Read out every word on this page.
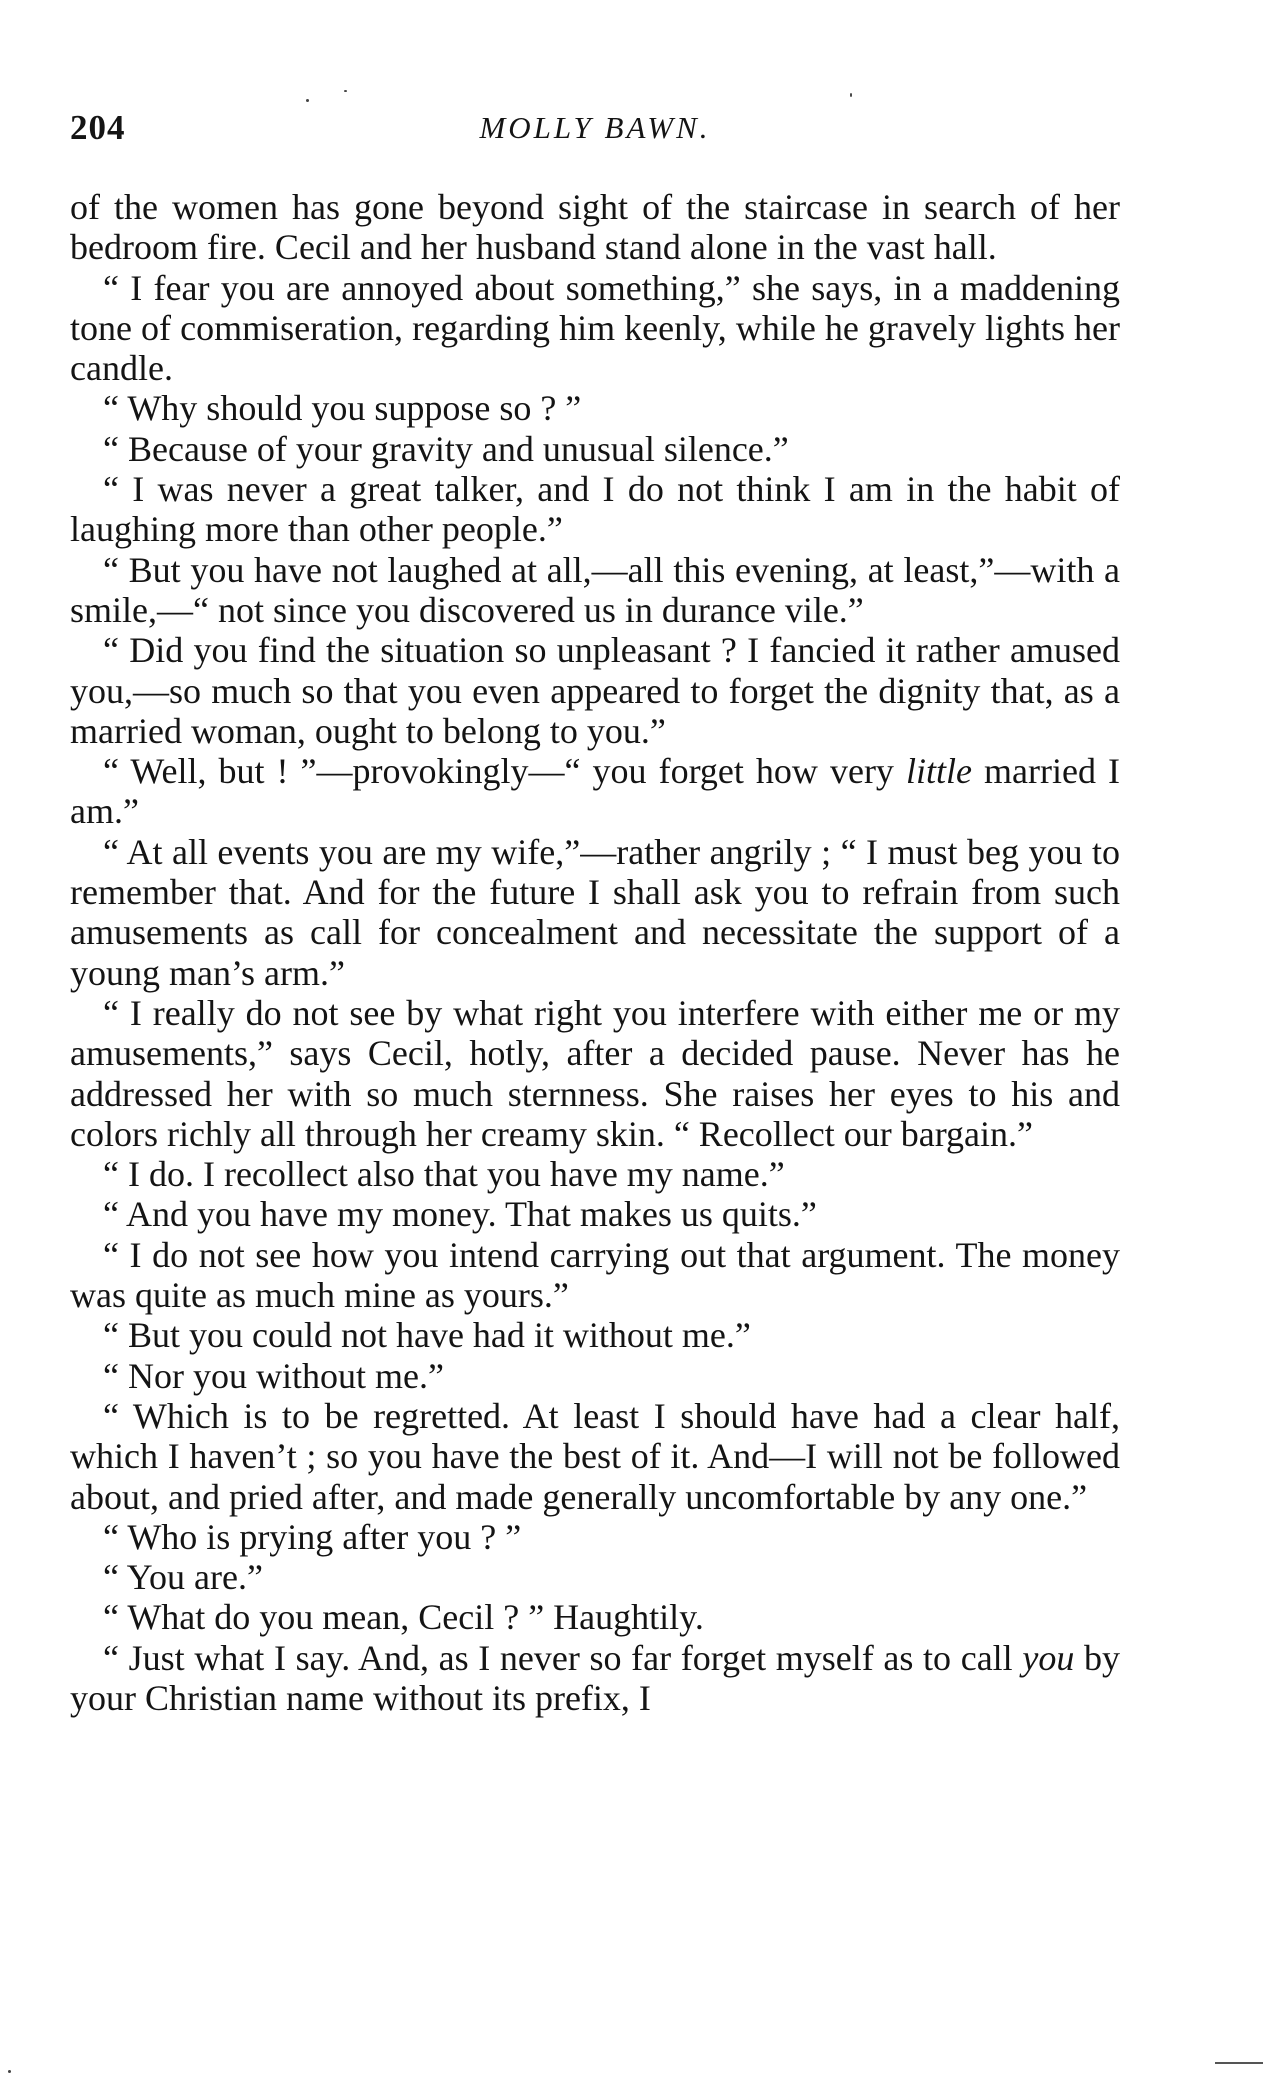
204	MOLLY BAWN.

of the women has gone beyond sight of the staircase in search of her bedroom fire. Cecil and her husband stand alone in the vast hall.

“ I fear you are annoyed about something,” she says, in a maddening tone of commiseration, regarding him keenly, while he gravely lights her candle.

“ Why should you suppose so ? ”

“ Because of your gravity and unusual silence.”

“ I was never a great talker, and I do not think I am in the habit of laughing more than other people.”

“ But you have not laughed at all,—all this evening, at least,”—with a smile,—“ not since you discovered us in durance vile.”

“ Did you find the situation so unpleasant ? I fancied it rather amused you,—so much so that you even appeared to forget the dignity that, as a married woman, ought to belong to you.”

“ Well, but ! ”—provokingly—“ you forget how very little married I am.”

“ At all events you are my wife,”—rather angrily ; “ I must beg you to remember that. And for the future I shall ask you to refrain from such amusements as call for concealment and necessitate the support of a young man’s arm.”

“ I really do not see by what right you interfere with either me or my amusements,” says Cecil, hotly, after a decided pause. Never has he addressed her with so much sternness. She raises her eyes to his and colors richly all through her creamy skin. “ Recollect our bargain.”

“ I do. I recollect also that you have my name.”

“ And you have my money. That makes us quits.”

“ I do not see how you intend carrying out that argument. The money was quite as much mine as yours.”

“ But you could not have had it without me.”

“ Nor you without me.”

“ Which is to be regretted. At least I should have had a clear half, which I haven’t ; so you have the best of it. And—I will not be followed about, and pried after, and made generally uncomfortable by any one.”

“ Who is prying after you ? ”

“ You are.”

“ What do you mean, Cecil ? ” Haughtily.

“ Just what I say. And, as I never so far forget myself as to call you by your Christian name without its prefix, I
